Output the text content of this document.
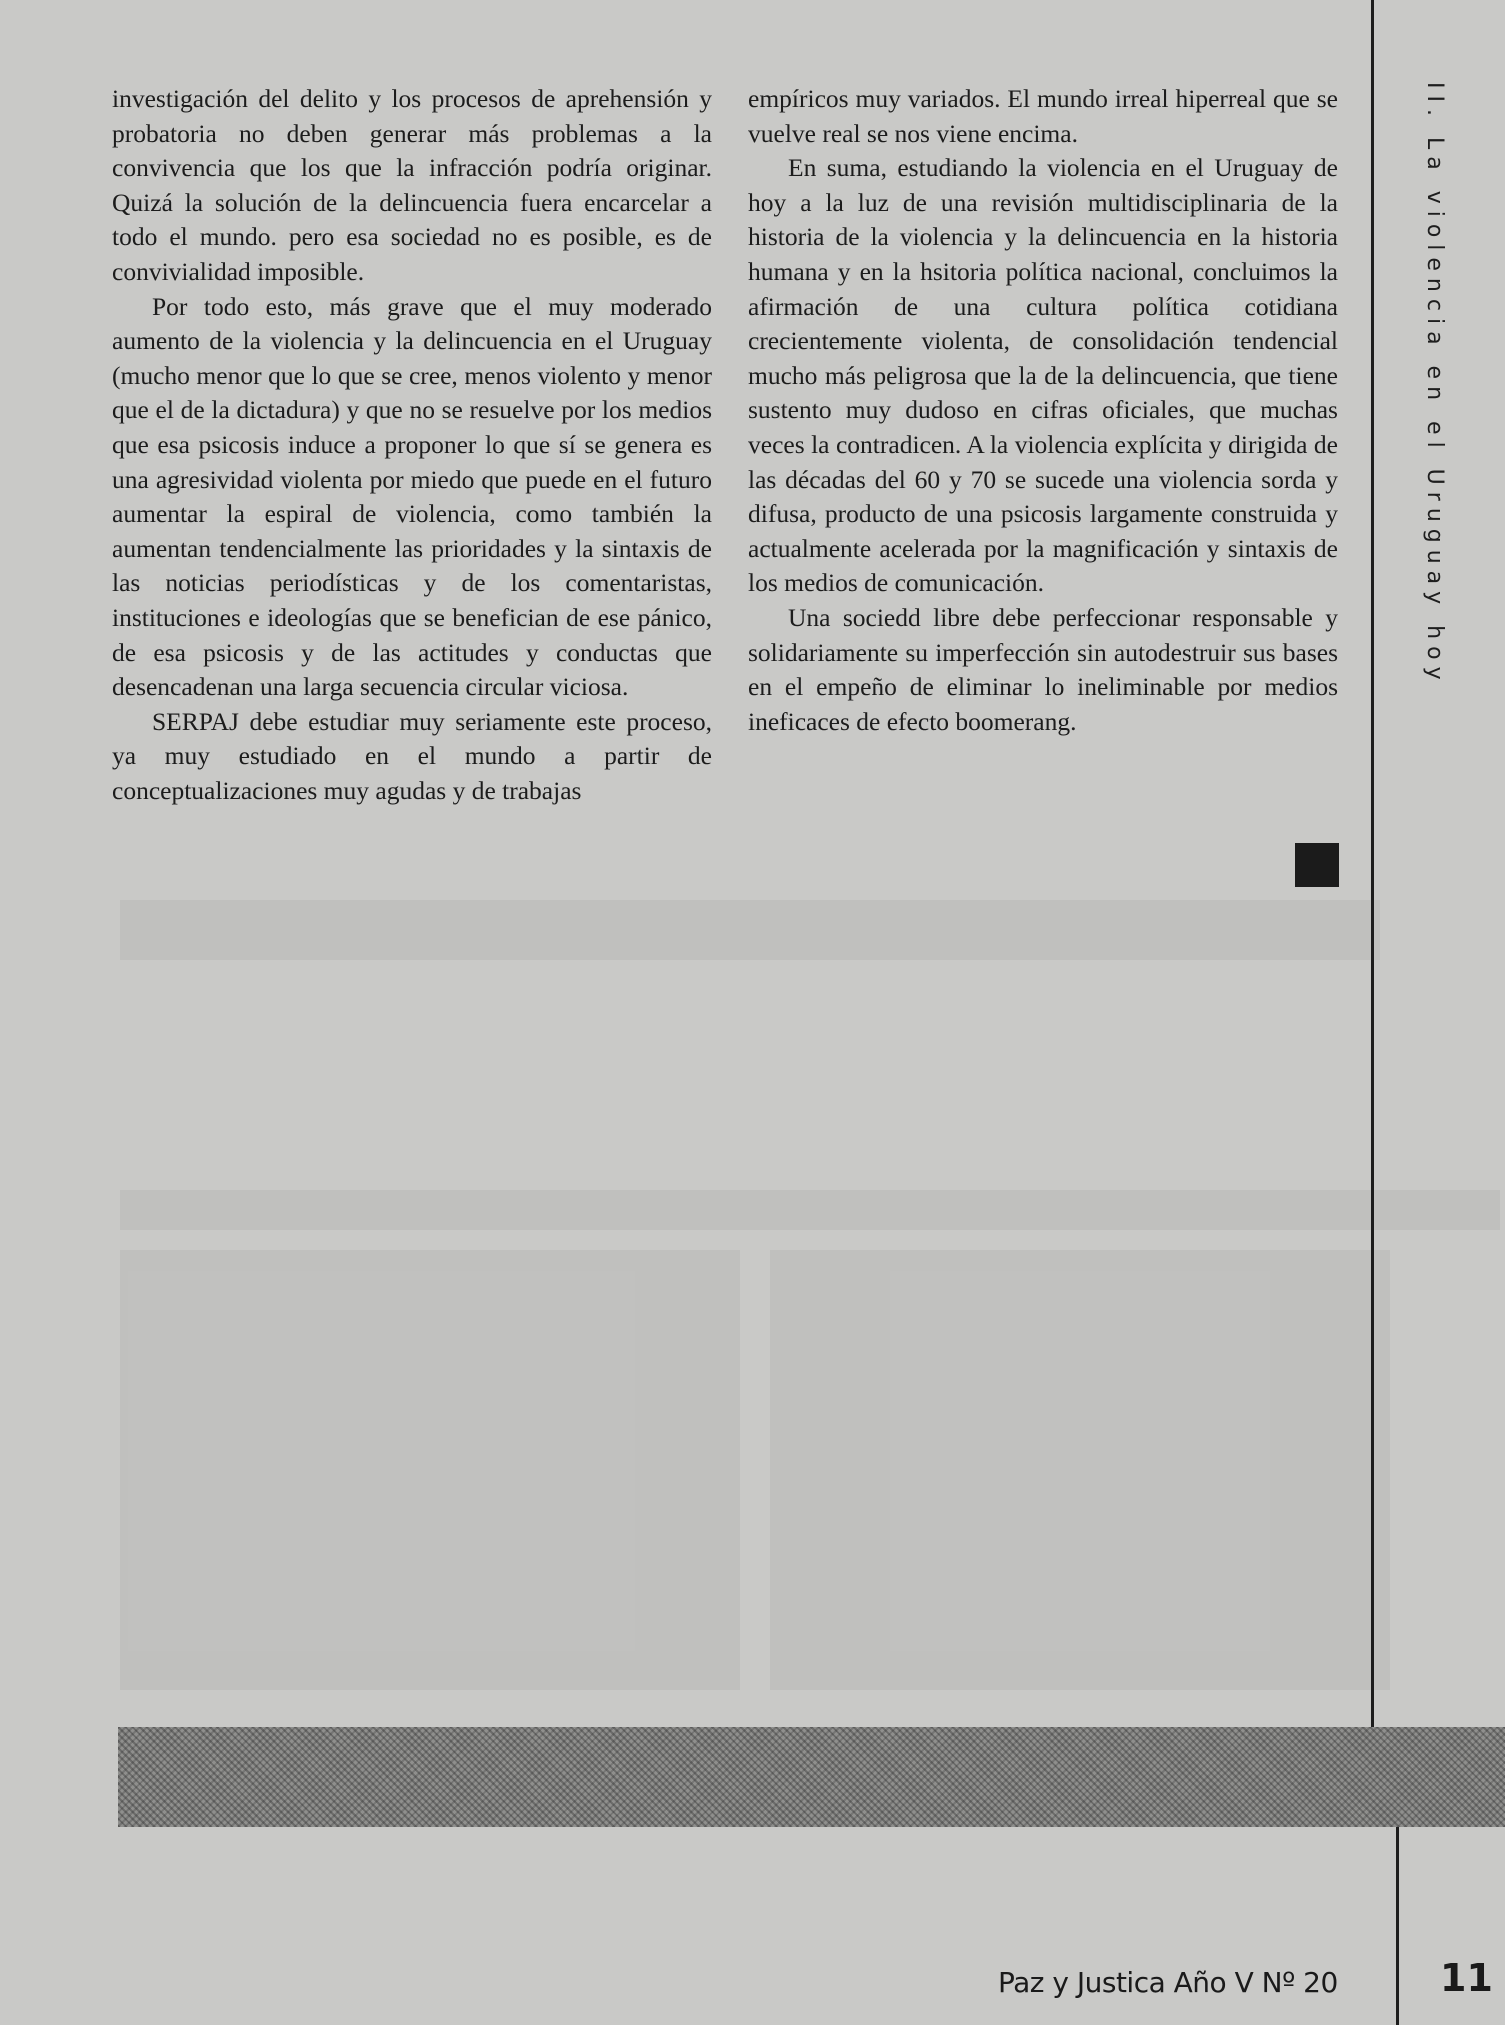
investigación del delito y los procesos de aprehensión y probatoria no deben generar más problemas a la convivencia que los que la infracción podría originar. Quizá la solución de la delincuencia fuera encarcelar a todo el mundo. pero esa sociedad no es posible, es de convivialidad imposible.

Por todo esto, más grave que el muy moderado aumento de la violencia y la delincuencia en el Uruguay (mucho menor que lo que se cree, menos violento y menor que el de la dictadura) y que no se resuelve por los medios que esa psicosis induce a proponer lo que sí se genera es una agresividad violenta por miedo que puede en el futuro aumentar la espiral de violencia, como también la aumentan tendencialmente las prioridades y la sintaxis de las noticias periodísticas y de los comentaristas, instituciones e ideologías que se benefician de ese pánico, de esa psicosis y de las actitudes y conductas que desencadenan una larga secuencia circular viciosa.

SERPAJ debe estudiar muy seriamente este proceso, ya muy estudiado en el mundo a partir de conceptualizaciones muy agudas y de trabajas

empíricos muy variados. El mundo irreal hiperreal que se vuelve real se nos viene encima.

En suma, estudiando la violencia en el Uruguay de hoy a la luz de una revisión multidisciplinaria de la historia de la violencia y la delincuencia en la historia humana y en la hsitoria política nacional, concluimos la afirmación de una cultura política cotidiana crecientemente violenta, de consolidación tendencial mucho más peligrosa que la de la delincuencia, que tiene sustento muy dudoso en cifras oficiales, que muchas veces la contradicen. A la violencia explícita y dirigida de las décadas del 60 y 70 se sucede una violencia sorda y difusa, producto de una psicosis largamente construida y actualmente acelerada por la magnificación y sintaxis de los medios de comunicación.

Una sociedd libre debe perfeccionar responsable y solidariamente su imperfección sin autodestruir sus bases en el empeño de eliminar lo ineliminable por medios ineficaces de efecto boomerang.

II. La violencia en el Uruguay hoy
Paz y Justica Año V Nº 20	11
